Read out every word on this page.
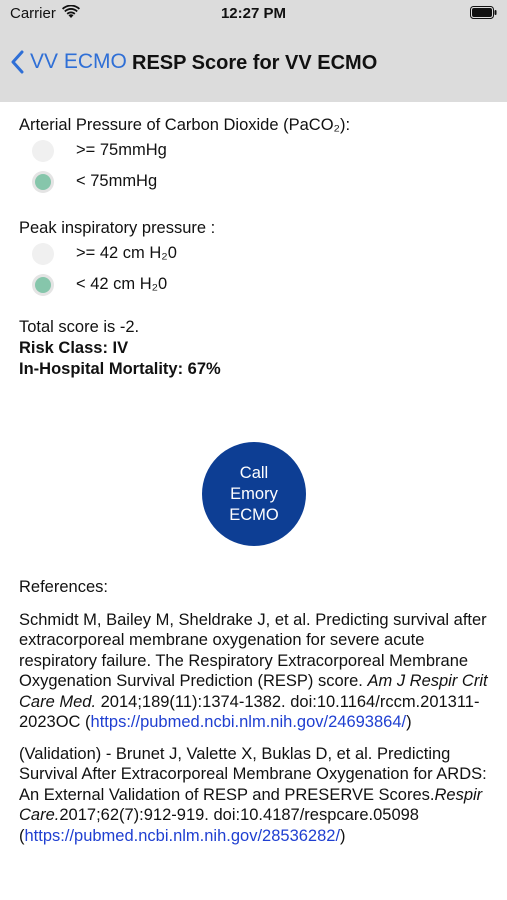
Carrier	12:27 PM
VV ECMO RESP Score for VV ECMO
Arterial Pressure of Carbon Dioxide (PaCO₂):
>= 75mmHg
< 75mmHg
Peak inspiratory pressure :
>= 42 cm H₂0
< 42 cm H₂0
Total score is -2.
Risk Class: IV
In-Hospital Mortality: 67%
Call
Emory
ECMO
References:
Schmidt M, Bailey M, Sheldrake J, et al. Predicting survival after extracorporeal membrane oxygenation for severe acute respiratory failure. The Respiratory Extracorporeal Membrane Oxygenation Survival Prediction (RESP) score. Am J Respir Crit Care Med. 2014;189(11):1374-1382. doi:10.1164/rccm.201311-2023OC (https://pubmed.ncbi.nlm.nih.gov/24693864/)
(Validation) - Brunet J, Valette X, Buklas D, et al. Predicting Survival After Extracorporeal Membrane Oxygenation for ARDS: An External Validation of RESP and PRESERVE Scores.Respir Care.2017;62(7):912-919. doi:10.4187/respcare.05098 (https://pubmed.ncbi.nlm.nih.gov/28536282/)
